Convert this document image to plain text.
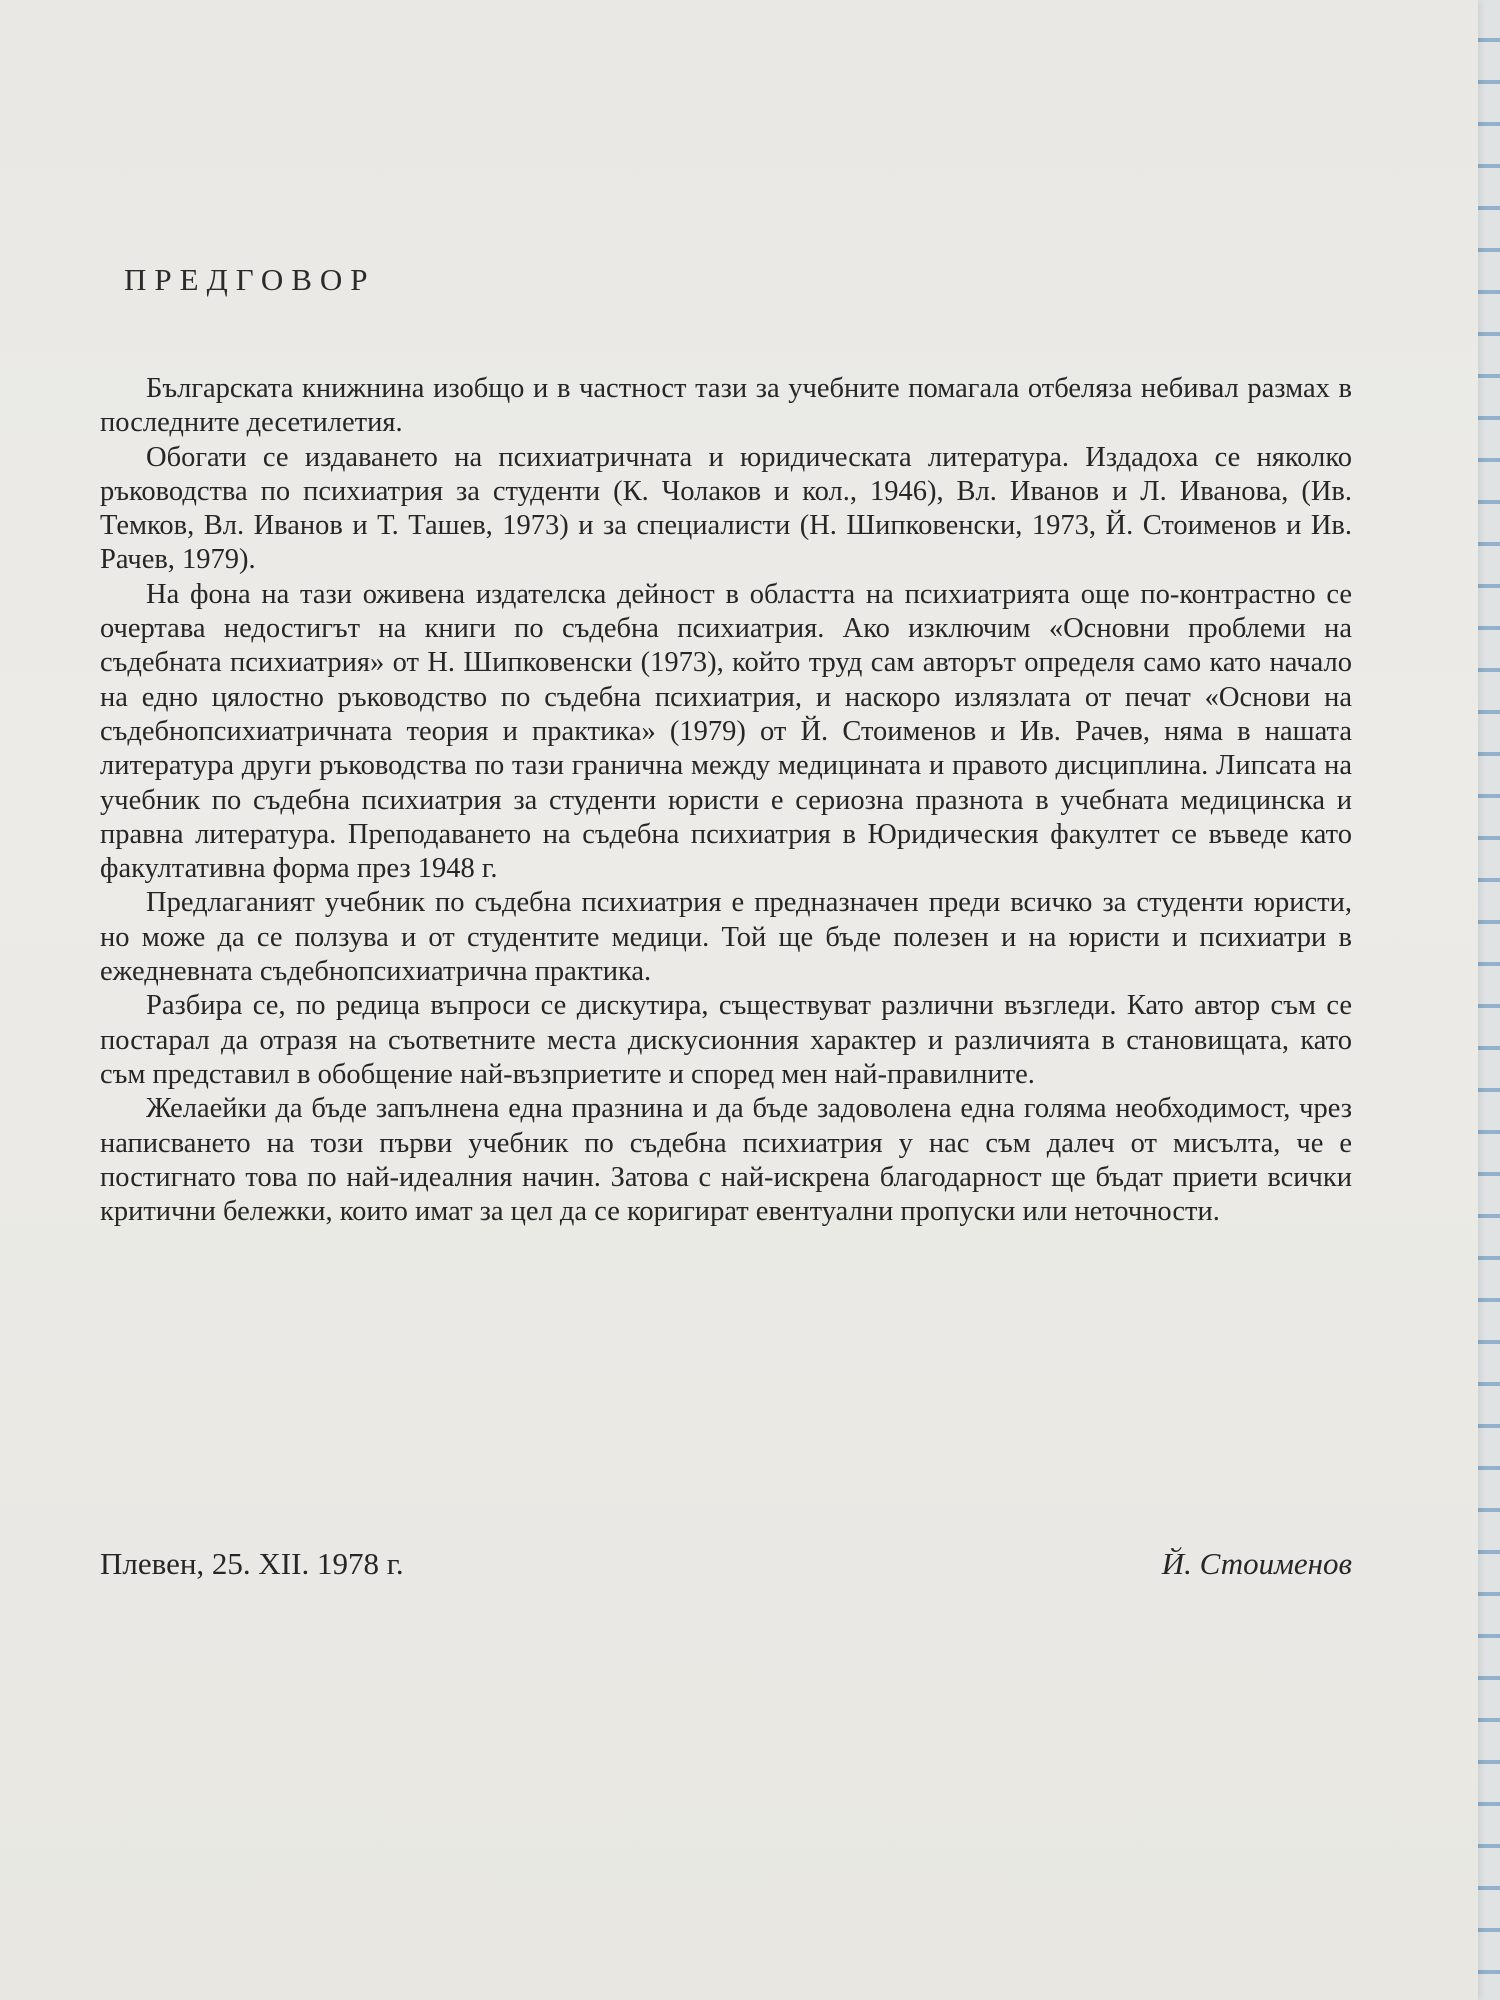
ПРЕДГОВОР

Българската книжнина изобщо и в частност тази за учебните помагала отбеляза небивал размах в последните десетилетия.

Обогати се издаването на психиатричната и юридическата литература. Издадоха се няколко ръководства по психиатрия за студенти (К. Чолаков и кол., 1946), Вл. Иванов и Л. Иванова, (Ив. Темков, Вл. Иванов и Т. Ташев, 1973) и за специалисти (Н. Шипковенски, 1973, Й. Стоименов и Ив. Рачев, 1979).

На фона на тази оживена издателска дейност в областта на психиатрията още по-контрастно се очертава недостигът на книги по съдебна психиатрия. Ако изключим «Основни проблеми на съдебната психиатрия» от Н. Шипковенски (1973), който труд сам авторът определя само като начало на едно цялостно ръководство по съдебна психиатрия, и наскоро излязлата от печат «Основи на съдебнопсихиатричната теория и практика» (1979) от Й. Стоименов и Ив. Рачев, няма в нашата литература други ръководства по тази гранична между медицината и правото дисциплина. Липсата на учебник по съдебна психиатрия за студенти юристи е сериозна празнота в учебната медицинска и правна литература. Преподаването на съдебна психиатрия в Юридическия факултет се въведе като факултативна форма през 1948 г.

Предлаганият учебник по съдебна психиатрия е предназначен преди всичко за студенти юристи, но може да се ползува и от студентите медици. Той ще бъде полезен и на юристи и психиатри в ежедневната съдебнопсихиатрична практика.

Разбира се, по редица въпроси се дискутира, съществуват различни възгледи. Като автор съм се постарал да отразя на съответните места дискусионния характер и различията в становищата, като съм представил в обобщение най-възприетите и според мен най-правилните.

Желаейки да бъде запълнена една празнина и да бъде задоволена една голяма необходимост, чрез написването на този първи учебник по съдебна психиатрия у нас съм далеч от мисълта, че е постигнато това по най-идеалния начин. Затова с най-искрена благодарност ще бъдат приети всички критични бележки, които имат за цел да се коригират евентуални пропуски или неточности.

Плевен, 25. XII. 1978 г.	Й. Стоименов
